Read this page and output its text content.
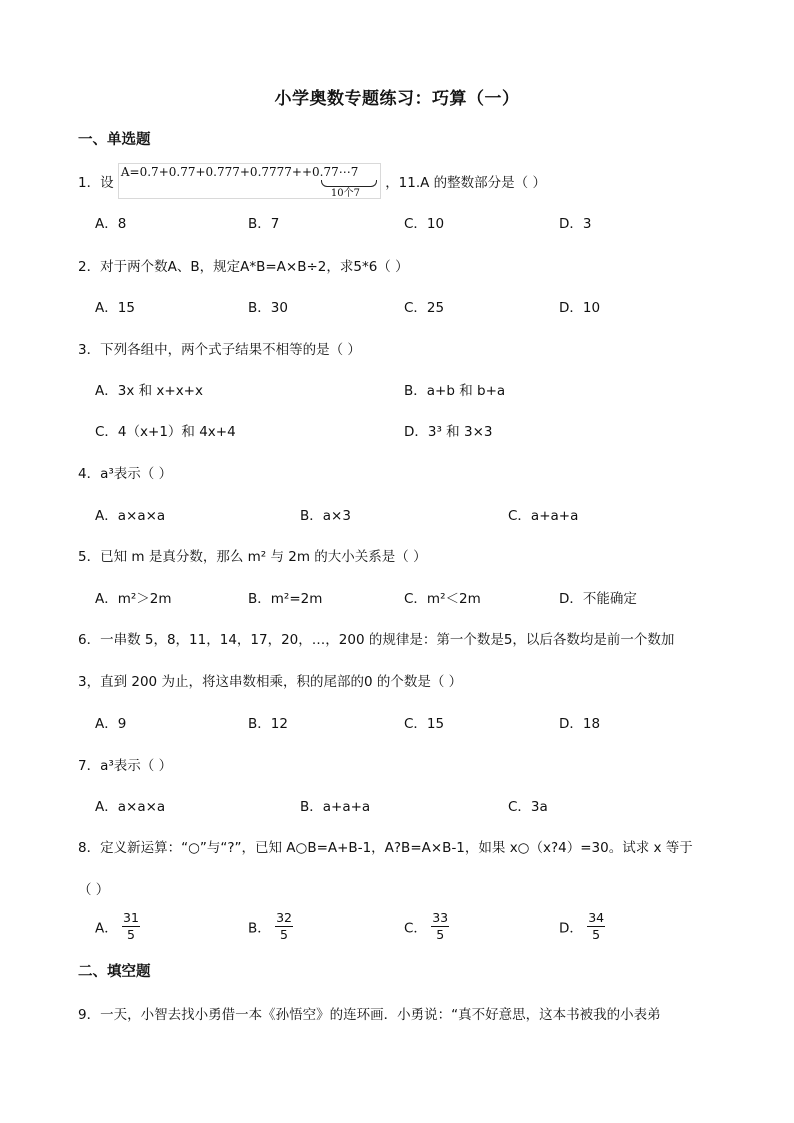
小学奥数专题练习：巧算（一）
一、单选题
1．设
A=0.7+0.77+0.777+0.7777++0.77⋯7
10个7
，11.A 的整数部分是（ ）
A．8	B．7	C．10	D．3
2．对于两个数A、B，规定A*B=A×B÷2，求5*6（ ）
A．15	B．30	C．25	D．10
3．下列各组中，两个式子结果不相等的是（ ）
A．3x 和 x+x+x	B．a+b 和 b+a
C．4（x+1）和 4x+4	D．3³ 和 3×3
4．a³表示（ ）
A．a×a×a	B．a×3	C．a+a+a
5．已知 m 是真分数，那么 m² 与 2m 的大小关系是（ ）
A．m²＞2m	B．m²=2m	C．m²＜2m	D．不能确定
6．一串数 5，8，11，14，17，20，…，200 的规律是：第一个数是5，以后各数均是前一个数加
3，直到 200 为止，将这串数相乘，积的尾部的0 的个数是（ ）
A．9	B．12	C．15	D．18
7．a³表示（ ）
A．a×a×a	B．a+a+a	C．3a
8．定义新运算：“○”与“?”，已知 A○B=A+B-1，A?B=A×B-1，如果 x○（x?4）=30。试求 x 等于
（ ）
A． $\frac{31}{5}$	B． $\frac{32}{5}$	C． $\frac{33}{5}$	D． $\frac{34}{5}$
二、填空题
9．一天，小智去找小勇借一本《孙悟空》的连环画．小勇说：“真不好意思，这本书被我的小表弟
